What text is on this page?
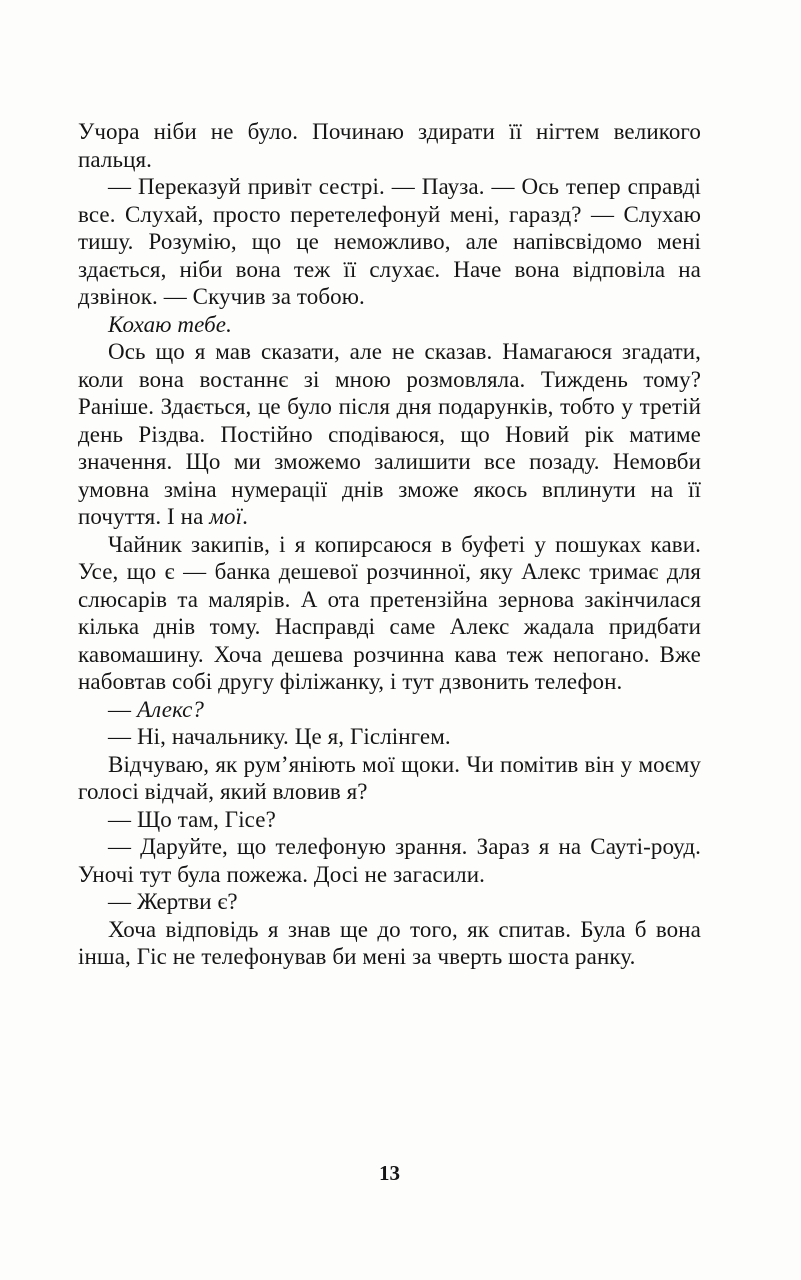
Учора ніби не було. Починаю здирати її нігтем великого пальця.

— Переказуй привіт сестрі. — Пауза. — Ось тепер справді все. Слухай, просто перетелефонуй мені, гаразд? — Слухаю тишу. Розумію, що це неможливо, але напівсвідомо мені здається, ніби вона теж її слухає. Наче вона відповіла на дзвінок. — Скучив за тобою.

Кохаю тебе.

Ось що я мав сказати, але не сказав. Намагаюся згадати, коли вона востаннє зі мною розмовляла. Тиждень тому? Раніше. Здається, це було після дня подарунків, тобто у третій день Різдва. Постійно сподіваюся, що Новий рік матиме значення. Що ми зможемо залишити все позаду. Немовби умовна зміна нумерації днів зможе якось вплинути на її почуття. І на мої.

Чайник закипів, і я копирсаюся в буфеті у пошуках кави. Усе, що є — банка дешевої розчинної, яку Алекс тримає для слюсарів та малярів. А ота претензійна зернова закінчилася кілька днів тому. Насправді саме Алекс жадала придбати кавомашину. Хоча дешева розчинна кава теж непогано. Вже набовтав собі другу філіжанку, і тут дзвонить телефон.

— Алекс?

— Ні, начальнику. Це я, Гіслінгем.

Відчуваю, як рум’яніють мої щоки. Чи помітив він у моєму голосі відчай, який вловив я?

— Що там, Гісе?

— Даруйте, що телефоную зрання. Зараз я на Сауті-роуд. Уночі тут була пожежа. Досі не загасили.

— Жертви є?

Хоча відповідь я знав ще до того, як спитав. Була б вона інша, Гіс не телефонував би мені за чверть шоста ранку.

13
